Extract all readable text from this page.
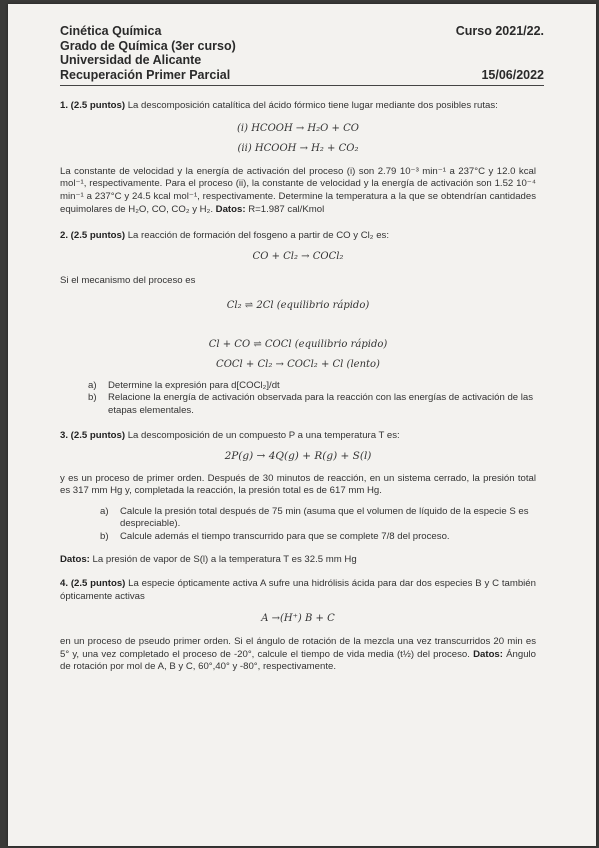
Cinética Química	Curso 2021/22.
Grado de Química (3er curso)
Universidad de Alicante
Recuperación Primer Parcial	15/06/2022

1. (2.5 puntos) La descomposición catalítica del ácido fórmico tiene lugar mediante dos posibles rutas:

(i) HCOOH → H₂O + CO
(ii) HCOOH → H₂ + CO₂

La constante de velocidad y la energía de activación del proceso (i) son 2.79 10⁻³ min⁻¹ a 237°C y 12.0 kcal mol⁻¹, respectivamente. Para el proceso (ii), la constante de velocidad y la energía de activación son 1.52 10⁻⁴ min⁻¹ a 237°C y 24.5 kcal mol⁻¹, respectivamente. Determine la temperatura a la que se obtendrían cantidades equimolares de H₂O, CO, CO₂ y H₂. Datos: R=1.987 cal/Kmol

2. (2.5 puntos) La reacción de formación del fosgeno a partir de CO y Cl₂ es:

CO + Cl₂ → COCl₂

Si el mecanismo del proceso es

Cl₂ ⇌ 2Cl (equilibrio rápido)
Cl + CO ⇌ COCl (equilibrio rápido)
COCl + Cl₂ → COCl₂ + Cl (lento)
a)	Determine la expresión para d[COCl₂]/dt
b)	Relacione la energía de activación observada para la reacción con las energías de activación de las etapas elementales.

3. (2.5 puntos) La descomposición de un compuesto P a una temperatura T es:

2P(g) → 4Q(g) + R(g) + S(l)

y es un proceso de primer orden. Después de 30 minutos de reacción, en un sistema cerrado, la presión total es 317 mm Hg y, completada la reacción, la presión total es de 617 mm Hg.

a)	Calcule la presión total después de 75 min (asuma que el volumen de líquido de la especie S es despreciable).
b)	Calcule además el tiempo transcurrido para que se complete 7/8 del proceso.

Datos: La presión de vapor de S(l) a la temperatura T es 32.5 mm Hg

4. (2.5 puntos) La especie ópticamente activa A sufre una hidrólisis ácida para dar dos especies B y C también ópticamente activas

A →(H⁺) B + C

en un proceso de pseudo primer orden. Si el ángulo de rotación de la mezcla una vez transcurridos 20 min es 5° y, una vez completado el proceso de -20°, calcule el tiempo de vida media (t½) del proceso. Datos: Ángulo de rotación por mol de A, B y C, 60°,40° y -80°, respectivamente.
